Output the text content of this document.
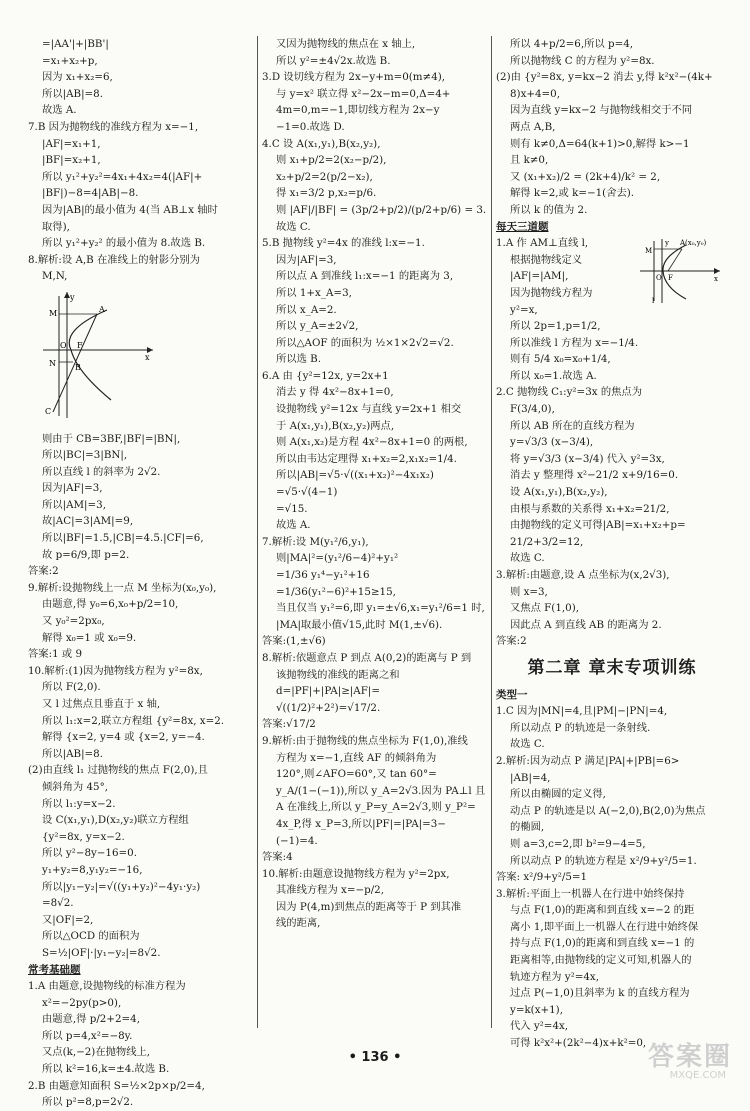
=|AA'|+|BB'|
=x₁+x₂+p,
因为 x₁+x₂=6,
所以|AB|=8.
故选 A.
7.B 因为抛物线的准线方程为 x=−1,
|AF|=x₁+1,
|BF|=x₂+1,
所以 y₁²+y₂²=4x₁+4x₂=4(|AF|+
|BF|)−8=4|AB|−8.
因为|AB|的最小值为 4(当 AB⊥x 轴时
取得),
所以 y₁²+y₂² 的最小值为 8.故选 B.
8.解析:设 A,B 在准线上的射影分别为
M,N,
y
M	A
O F
x
N B
C
则由于 CB=3BF,|BF|=|BN|,
所以|BC|=3|BN|,
所以直线 l 的斜率为 2√2.
因为|AF|=3,
所以|AM|=3,
故|AC|=3|AM|=9,
所以|BF|=1.5,|CB|=4.5.|CF|=6,
故 p=6/9,即 p=2.
答案:2
9.解析:设抛物线上一点 M 坐标为(x₀,y₀),
由题意,得 y₀=6,x₀+p/2=10,
又 y₀²=2px₀,
解得 x₀=1 或 x₀=9.
答案:1 或 9
10.解析:(1)因为抛物线方程为 y²=8x,
所以 F(2,0).
又 l 过焦点且垂直于 x 轴,
所以 l₁:x=2,联立方程组 {y²=8x, x=2.
解得 {x=2, y=4 或 {x=2, y=−4.
所以|AB|=8.
(2)由直线 l₁ 过抛物线的焦点 F(2,0),且
倾斜角为 45°,
所以 l₁:y=x−2.
设 C(x₁,y₁),D(x₂,y₂)联立方程组
{y²=8x, y=x−2.
所以 y²−8y−16=0.
y₁+y₂=8,y₁y₂=−16,
所以|y₁−y₂|=√((y₁+y₂)²−4y₁·y₂)
=8√2.
又|OF|=2,
所以△OCD 的面积为
S=½|OF|·|y₁−y₂|=8√2.
常考基础题
1.A 由题意,设抛物线的标准方程为
x²=−2py(p>0),
由题意,得 p/2+2=4,
所以 p=4,x²=−8y.
又点(k,−2)在抛物线上,
所以 k²=16,k=±4.故选 B.
2.B 由题意知面积 S=½×2p×p/2=4,
所以 p²=8,p=2√2.
又因为抛物线的焦点在 x 轴上,
所以 y²=±4√2x.故选 B.
3.D 设切线方程为 2x−y+m=0(m≠4),
与 y=x² 联立得 x²−2x−m=0,Δ=4+
4m=0,m=−1,即切线方程为 2x−y
−1=0.故选 D.
4.C 设 A(x₁,y₁),B(x₂,y₂),
则 x₁+p/2=2(x₂−p/2),
x₂+p/2=2(p/2−x₂),
得 x₁=3/2 p,x₂=p/6.
则 |AF|/|BF| = (3p/2+p/2)/(p/2+p/6) = 3.
故选 C.
5.B 抛物线 y²=4x 的准线 l:x=−1.
因为|AF|=3,
所以点 A 到准线 l₁:x=−1 的距离为 3,
所以 1+x_A=3,
所以 x_A=2.
所以 y_A=±2√2,
所以△AOF 的面积为 ½×1×2√2=√2.
所以选 B.
6.A 由 {y²=12x, y=2x+1
消去 y 得 4x²−8x+1=0,
设抛物线 y²=12x 与直线 y=2x+1 相交
于 A(x₁,y₁),B(x₂,y₂)两点,
则 A(x₁,x₂)是方程 4x²−8x+1=0 的两根,
所以由韦达定理得 x₁+x₂=2,x₁x₂=1/4.
所以|AB|=√5·√((x₁+x₂)²−4x₁x₂)
=√5·√(4−1)
=√15.
故选 A.
7.解析:设 M(y₁²/6,y₁),
则|MA|²=(y₁²/6−4)²+y₁²
=1/36 y₁⁴−y₁²+16
=1/36(y₁²−6)²+15≥15,
当且仅当 y₁²=6,即 y₁=±√6,x₁=y₁²/6=1 时,
|MA|取最小值√15,此时 M(1,±√6).
答案:(1,±√6)
8.解析:依题意点 P 到点 A(0,2)的距离与 P 到
该抛物线的准线的距离之和
d=|PF|+|PA|≥|AF|=
√((1/2)²+2²)=√17/2.
答案:√17/2
9.解析:由于抛物线的焦点坐标为 F(1,0),准线
方程为 x=−1,直线 AF 的倾斜角为
120°,则∠AFO=60°,又 tan 60°=
y_A/(1−(−1)),所以 y_A=2√3.因为 PA⊥l 且
A 在准线上,所以 y_P=y_A=2√3,则 y_P²=
4x_P,得 x_P=3,所以|PF|=|PA|=3−
(−1)=4.
答案:4
10.解析:由题意设抛物线方程为 y²=2px,
其准线方程为 x=−p/2,
因为 P(4,m)到焦点的距离等于 P 到其准
线的距离,
所以 4+p/2=6,所以 p=4,
所以抛物线 C 的方程为 y²=8x.
(2)由 {y²=8x, y=kx−2 消去 y,得 k²x²−(4k+
8)x+4=0,
因为直线 y=kx−2 与抛物线相交于不同
两点 A,B,
则有 k≠0,Δ=64(k+1)>0,解得 k>−1
且 k≠0,
又 (x₁+x₂)/2 = (2k+4)/k² = 2,
解得 k=2,或 k=−1(舍去).
所以 k 的值为 2.
每天三道题
y A(x₀,y₀)
M
O F	x
l
1.A 作 AM⊥直线 l,
根据抛物线定义
|AF|=|AM|,
因为抛物线方程为
y²=x,
所以 2p=1,p=1/2,
所以准线 l 方程为 x=−1/4.
则有 5/4 x₀=x₀+1/4,
所以 x₀=1.故选 A.
2.C 抛物线 C₁:y²=3x 的焦点为
F(3/4,0),
所以 AB 所在的直线方程为
y=√3/3 (x−3/4),
将 y=√3/3 (x−3/4) 代入 y²=3x,
消去 y 整理得 x²−21/2 x+9/16=0.
设 A(x₁,y₁),B(x₂,y₂),
由根与系数的关系得 x₁+x₂=21/2,
由抛物线的定义可得|AB|=x₁+x₂+p=
21/2+3/2=12,
故选 C.
3.解析:由题意,设 A 点坐标为(x,2√3),
则 x=3,
又焦点 F(1,0),
因此点 A 到直线 AB 的距离为 2.
答案:2
第二章 章末专项训练
类型一
1.C 因为|MN|=4,且|PM|−|PN|=4,
所以动点 P 的轨迹是一条射线.
故选 C.
2.解析:因为动点 P 满足|PA|+|PB|=6>
|AB|=4,
所以由椭圆的定义得,
动点 P 的轨迹是以 A(−2,0),B(2,0)为焦点
的椭圆,
则 a=3,c=2,即 b²=9−4=5,
所以动点 P 的轨迹方程是 x²/9+y²/5=1.
答案: x²/9+y²/5=1
3.解析:平面上一机器人在行进中始终保持
与点 F(1,0)的距离和到直线 x=−2 的距
离小 1,即平面上一机器人在行进中始终保
持与点 F(1,0)的距离和到直线 x=−1 的
距离相等,由抛物线的定义可知,机器人的
轨迹方程为 y²=4x,
过点 P(−1,0)且斜率为 k 的直线方程为
y=k(x+1),
代入 y²=4x,
可得 k²x²+(2k²−4)x+k²=0,
• 136 •	答案圈
MXQE.COM
